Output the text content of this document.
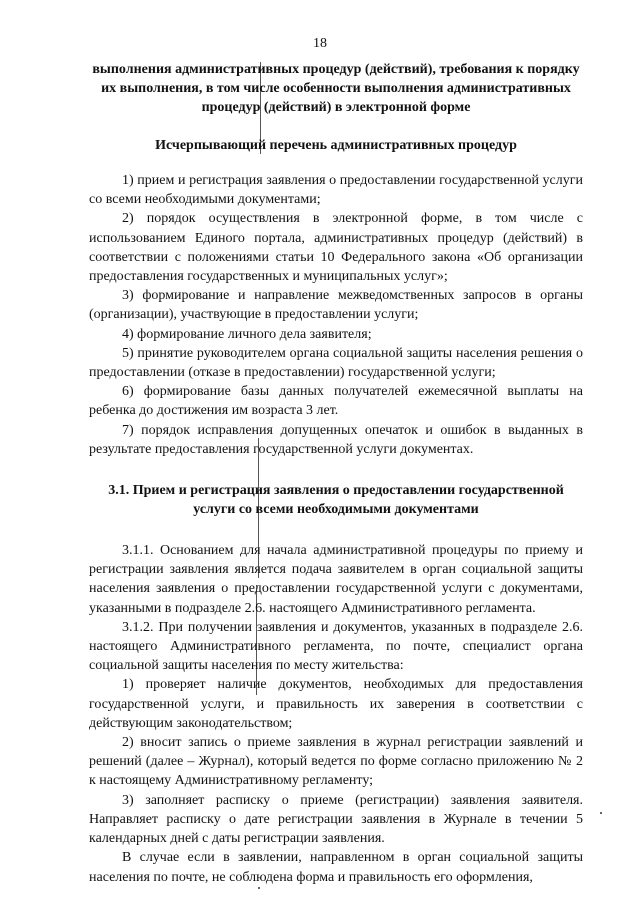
18

выполнения административных процедур (действий), требования к порядку их выполнения, в том числе особенности выполнения административных процедур (действий) в электронной форме

Исчерпывающий перечень административных процедур

1) прием и регистрация заявления о предоставлении государственной услуги со всеми необходимыми документами;

2) порядок осуществления в электронной форме, в том числе с использованием Единого портала, административных процедур (действий) в соответствии с положениями статьи 10 Федерального закона «Об организации предоставления государственных и муниципальных услуг»;

3) формирование и направление межведомственных запросов в органы (организации), участвующие в предоставлении услуги;

4) формирование личного дела заявителя;

5) принятие руководителем органа социальной защиты населения решения о предоставлении (отказе в предоставлении) государственной услуги;

6) формирование базы данных получателей ежемесячной выплаты на ребенка до достижения им возраста 3 лет.

7) порядок исправления допущенных опечаток и ошибок в выданных в результате предоставления государственной услуги документах.

3.1. Прием и регистрация заявления о предоставлении государственной услуги со всеми необходимыми документами

3.1.1. Основанием для начала административной процедуры по приему и регистрации заявления является подача заявителем в орган социальной защиты населения заявления о предоставлении государственной услуги с документами, указанными в подразделе 2.6. настоящего Административного регламента.

3.1.2. При получении заявления и документов, указанных в подразделе 2.6. настоящего Административного регламента, по почте, специалист органа социальной защиты населения по месту жительства:

1) проверяет наличие документов, необходимых для предоставления государственной услуги, и правильность их заверения в соответствии с действующим законодательством;

2) вносит запись о приеме заявления в журнал регистрации заявлений и решений (далее – Журнал), который ведется по форме согласно приложению № 2 к настоящему Административному регламенту;

3) заполняет расписку о приеме (регистрации) заявления заявителя. Направляет расписку о дате регистрации заявления в Журнале в течении 5 календарных дней с даты регистрации заявления.

В случае если в заявлении, направленном в орган социальной защиты населения по почте, не соблюдена форма и правильность его оформления,
